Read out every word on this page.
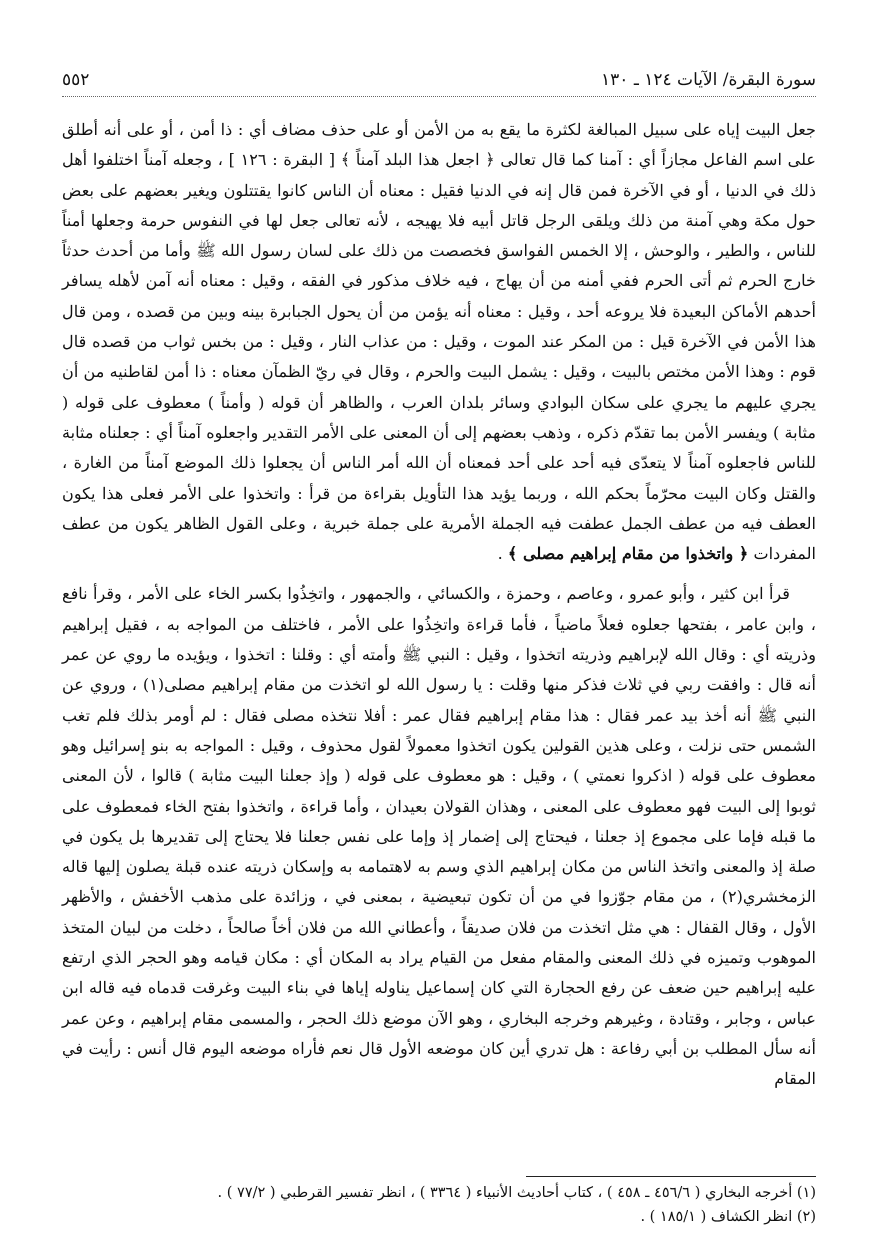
سورة البقرة/ الآيات ١٢٤ ـ ١٣٠
٥٥٢

جعل البيت إياه على سبيل المبالغة لكثرة ما يقع به من الأمن أو على حذف مضاف أي : ذا أمن ، أو على أنه أطلق على اسم الفاعل مجازاً أي : آمنا كما قال تعالى ﴿ اجعل هذا البلد آمناً ﴾ [ البقرة : ١٢٦ ] ، وجعله آمناً اختلفوا أهل ذلك في الدنيا ، أو في الآخرة فمن قال إنه في الدنيا فقيل : معناه أن الناس كانوا يقتتلون ويغير بعضهم على بعض حول مكة وهي آمنة من ذلك ويلقى الرجل قاتل أبيه فلا يهيجه ، لأنه تعالى جعل لها في النفوس حرمة وجعلها أمناً للناس ، والطير ، والوحش ، إلا الخمس الفواسق فخصصت من ذلك على لسان رسول الله ﷺ وأما من أحدث حدثاً خارج الحرم ثم أتى الحرم ففي أمنه من أن يهاج ، فيه خلاف مذكور في الفقه ، وقيل : معناه أنه آمن لأهله يسافر أحدهم الأماكن البعيدة فلا يروعه أحد ، وقيل : معناه أنه يؤمن من أن يحول الجبابرة بينه وبين من قصده ، ومن قال هذا الأمن في الآخرة قيل : من المكر عند الموت ، وقيل : من عذاب النار ، وقيل : من بخس ثواب من قصده قال قوم : وهذا الأمن مختص بالبيت ، وقيل : يشمل البيت والحرم ، وقال في ريّ الظمآن معناه : ذا أمن لقاطنيه من أن يجري عليهم ما يجري على سكان البوادي وسائر بلدان العرب ، والظاهر أن قوله ( وأمناً ) معطوف على قوله ( مثابة ) ويفسر الأمن بما تقدّم ذكره ، وذهب بعضهم إلى أن المعنى على الأمر التقدير واجعلوه آمناً أي : جعلناه مثابة للناس فاجعلوه آمناً لا يتعدّى فيه أحد على أحد فمعناه أن الله أمر الناس أن يجعلوا ذلك الموضع آمناً من الغارة ، والقتل وكان البيت محرّماً بحكم الله ، وربما يؤيد هذا التأويل بقراءة من قرأ : واتخذوا على الأمر فعلى هذا يكون العطف فيه من عطف الجمل عطفت فيه الجملة الأمرية على جملة خبرية ، وعلى القول الظاهر يكون من عطف المفردات ﴿ واتخذوا من مقام إبراهيم مصلى ﴾ .

قرأ ابن كثير ، وأبو عمرو ، وعاصم ، وحمزة ، والكسائي ، والجمهور ، واتخِذُوا بكسر الخاء على الأمر ، وقرأ نافع ، وابن عامر ، بفتحها جعلوه فعلاً ماضياً ، فأما قراءة واتخِذُوا على الأمر ، فاختلف من المواجه به ، فقيل إبراهيم وذريته أي : وقال الله لإبراهيم وذريته اتخذوا ، وقيل : النبي ﷺ وأمته أي : وقلنا : اتخذوا ، ويؤيده ما روي عن عمر أنه قال : وافقت ربي في ثلاث فذكر منها وقلت : يا رسول الله لو اتخذت من مقام إبراهيم مصلى(١) ، وروي عن النبي ﷺ أنه أخذ بيد عمر فقال : هذا مقام إبراهيم فقال عمر : أفلا نتخذه مصلى فقال : لم أومر بذلك فلم تغب الشمس حتى نزلت ، وعلى هذين القولين يكون اتخذوا معمولاً لقول محذوف ، وقيل : المواجه به بنو إسرائيل وهو معطوف على قوله ( اذكروا نعمتي ) ، وقيل : هو معطوف على قوله ( وإذ جعلنا البيت مثابة ) قالوا ، لأن المعنى ثوبوا إلى البيت فهو معطوف على المعنى ، وهذان القولان بعيدان ، وأما قراءة ، واتخذوا بفتح الخاء فمعطوف على ما قبله فإما على مجموع إذ جعلنا ، فيحتاج إلى إضمار إذ وإما على نفس جعلنا فلا يحتاج إلى تقديرها بل يكون في صلة إذ والمعنى واتخذ الناس من مكان إبراهيم الذي وسم به لاهتمامه به وإسكان ذريته عنده قبلة يصلون إليها قاله الزمخشري(٢) ، من مقام جوّزوا في من أن تكون تبعيضية ، بمعنى في ، وزائدة على مذهب الأخفش ، والأظهر الأول ، وقال القفال : هي مثل اتخذت من فلان صديقاً ، وأعطاني الله من فلان أخاً صالحاً ، دخلت من لبيان المتخذ الموهوب وتميزه في ذلك المعنى والمقام مفعل من القيام يراد به المكان أي : مكان قيامه وهو الحجر الذي ارتفع عليه إبراهيم حين ضعف عن رفع الحجارة التي كان إسماعيل يناوله إياها في بناء البيت وغرقت قدماه فيه قاله ابن عباس ، وجابر ، وقتادة ، وغيرهم وخرجه البخاري ، وهو الآن موضع ذلك الحجر ، والمسمى مقام إبراهيم ، وعن عمر أنه سأل المطلب بن أبي رفاعة : هل تدري أين كان موضعه الأول قال نعم فأراه موضعه اليوم قال أنس : رأيت في المقام

(١) أخرجه البخاري ( ٤٥٦/٦ ـ ٤٥٨ ) ، كتاب أحاديث الأنبياء ( ٣٣٦٤ ) ، انظر تفسير القرطبي ( ٧٧/٢ ) .
(٢) انظر الكشاف ( ١٨٥/١ ) .
